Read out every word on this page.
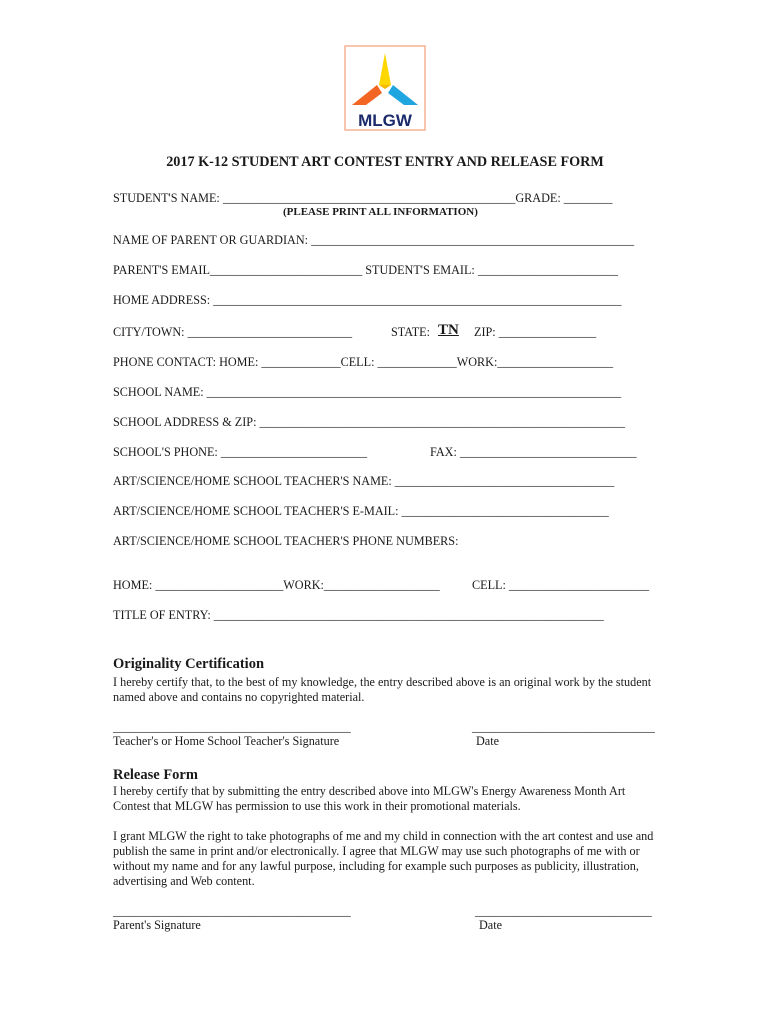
MLGW
2017 K-12 STUDENT ART CONTEST ENTRY AND RELEASE FORM
STUDENT'S NAME: ________________________________________________GRADE: ________
(PLEASE PRINT ALL INFORMATION)
NAME OF PARENT OR GUARDIAN: _____________________________________________________
PARENT'S EMAIL_________________________ STUDENT'S EMAIL: _______________________
HOME ADDRESS: ___________________________________________________________________
CITY/TOWN: ___________________________	STATE: TN ZIP: ________________
PHONE CONTACT: HOME: _____________CELL: _____________WORK:___________________
SCHOOL NAME: ____________________________________________________________________
SCHOOL ADDRESS & ZIP: ____________________________________________________________
SCHOOL'S PHONE: ________________________	FAX: _____________________________
ART/SCIENCE/HOME SCHOOL TEACHER'S NAME: ____________________________________
ART/SCIENCE/HOME SCHOOL TEACHER'S E-MAIL: __________________________________
ART/SCIENCE/HOME SCHOOL TEACHER'S PHONE NUMBERS:
HOME: _____________________WORK:___________________	CELL: _______________________
TITLE OF ENTRY: ________________________________________________________________
Originality Certification
I hereby certify that, to the best of my knowledge, the entry described above is an original work by the student named above and contains no copyrighted material.
_______________________________________
Teacher's or Home School Teacher's Signature
______________________________
Date
Release Form
I hereby certify that by submitting the entry described above into MLGW's Energy Awareness Month Art Contest that MLGW has permission to use this work in their promotional materials.
I grant MLGW the right to take photographs of me and my child in connection with the art contest and use and publish the same in print and/or electronically. I agree that MLGW may use such photographs of me with or without my name and for any lawful purpose, including for example such purposes as publicity, illustration, advertising and Web content.
_______________________________________
Parent's Signature
_____________________________
Date
